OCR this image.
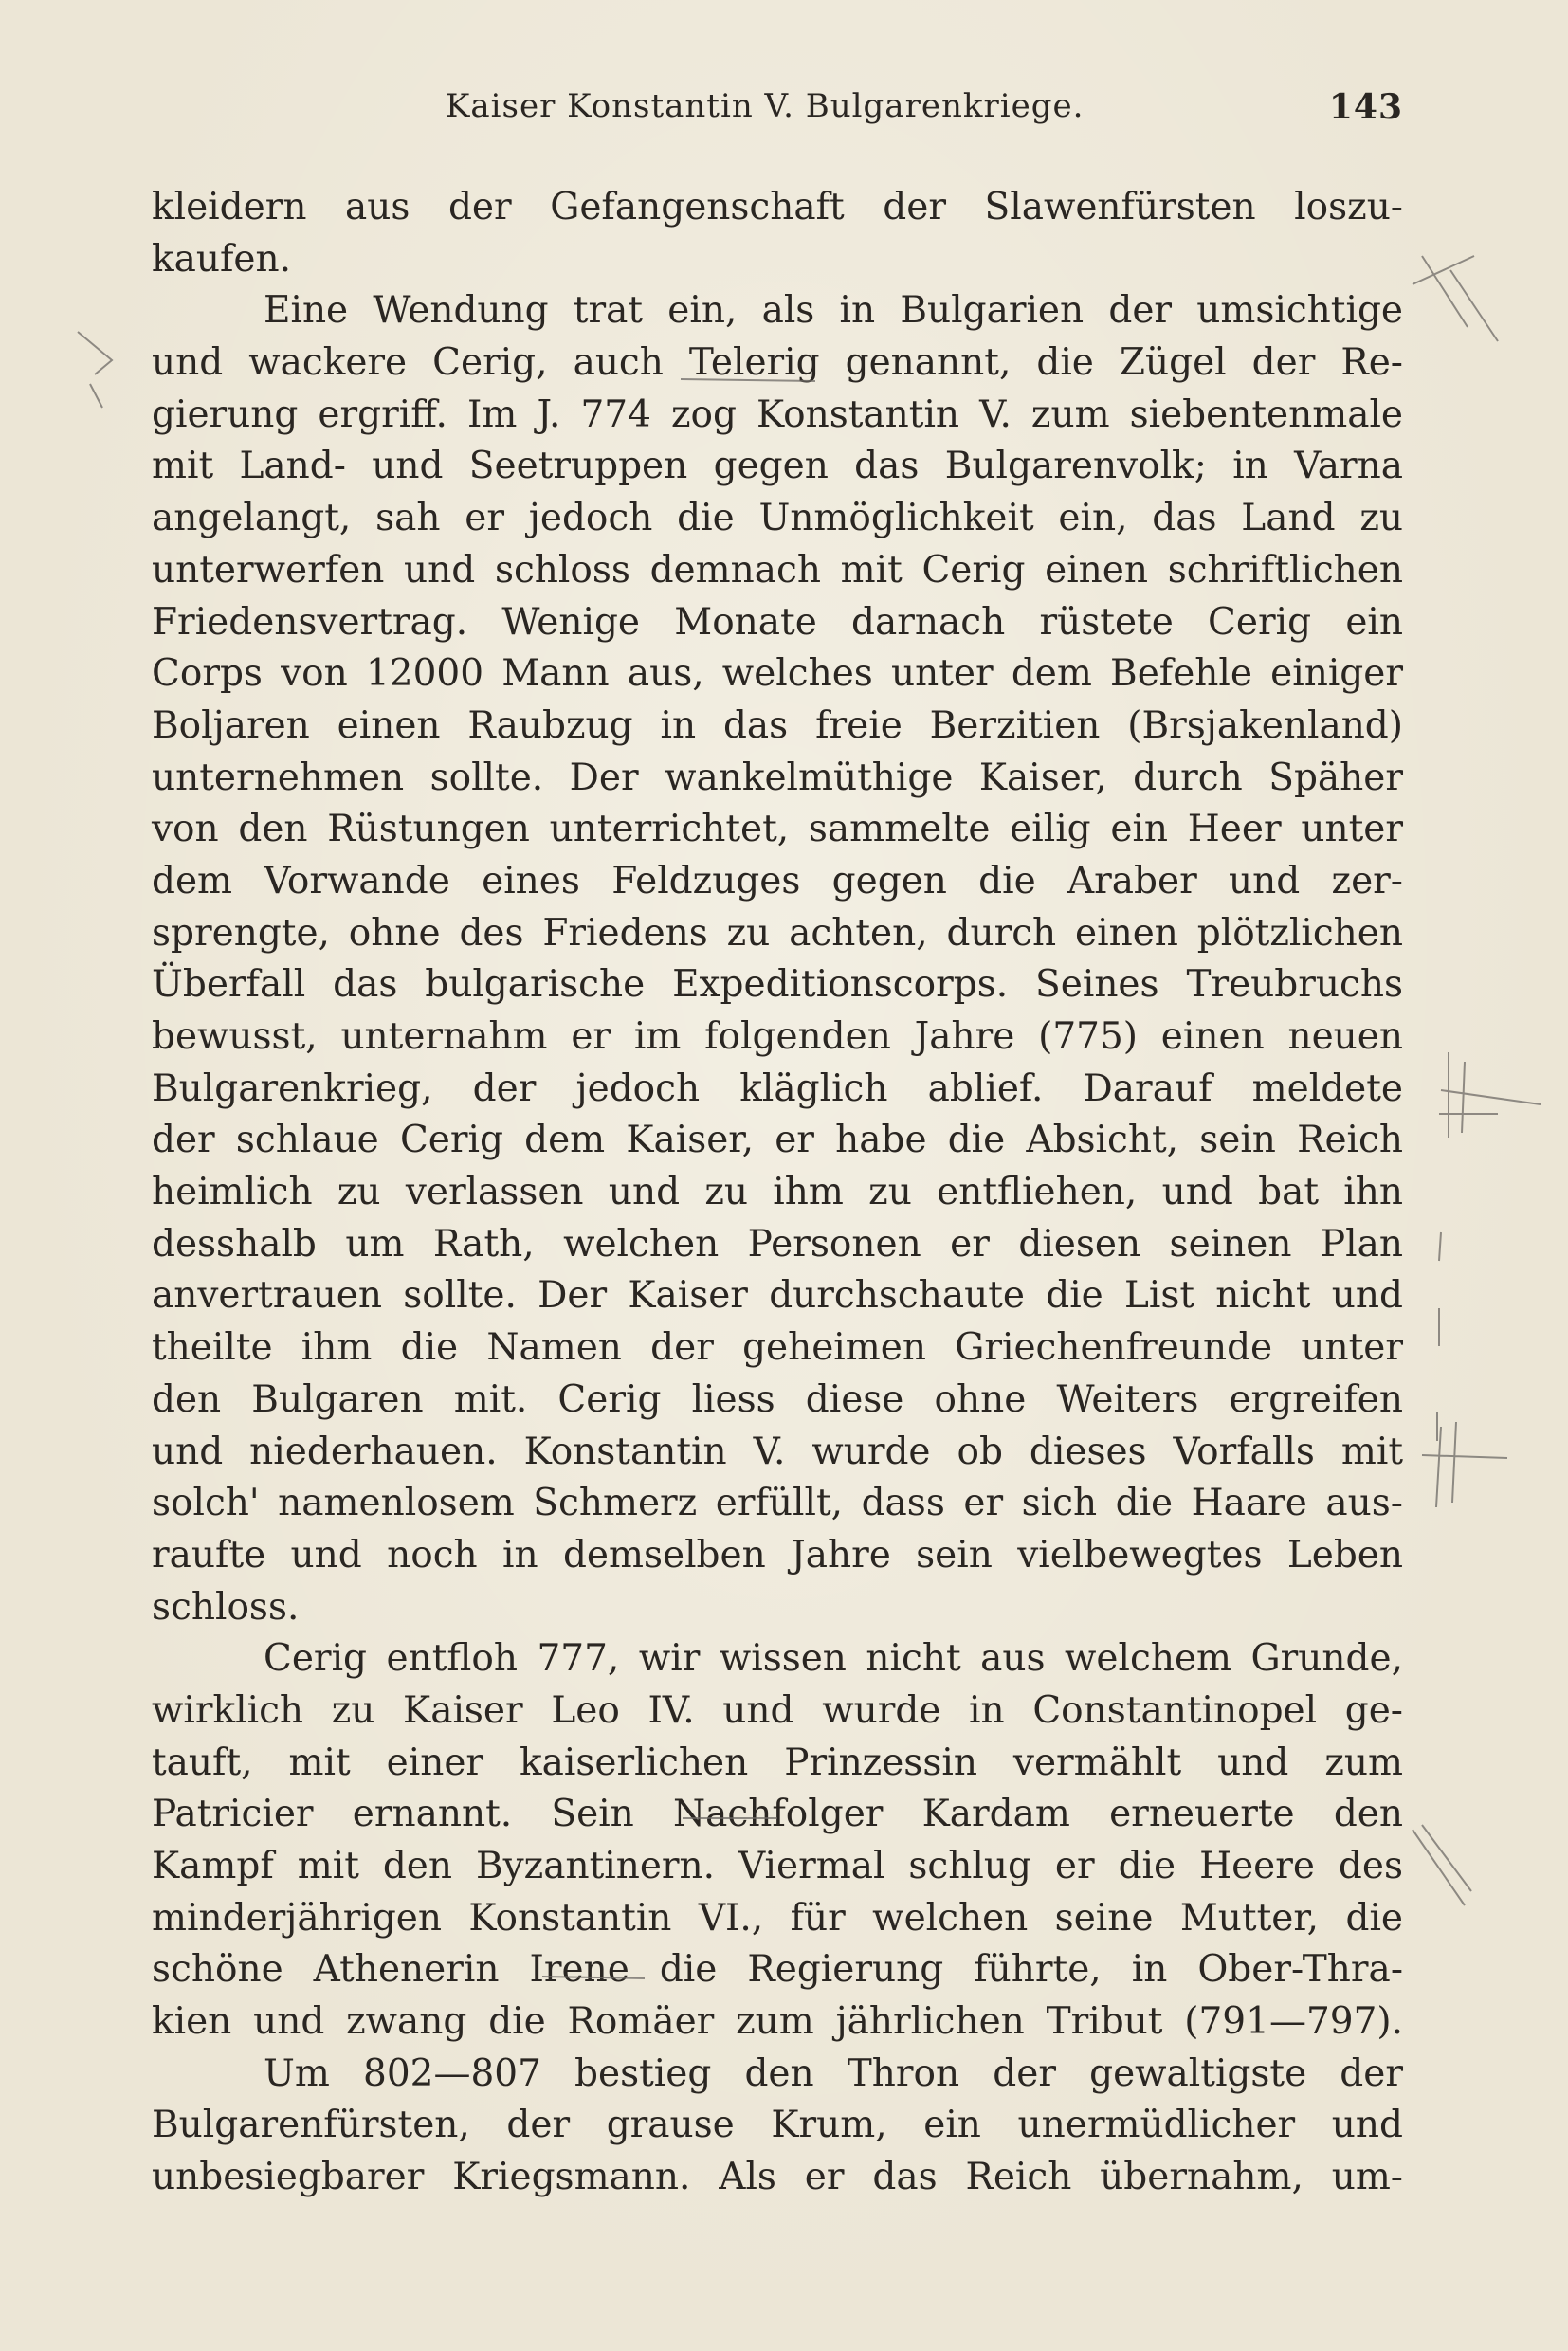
Kaiser Konstantin V. Bulgarenkriege.	143
kleidern aus der Gefangenschaft der Slawenfürsten loszu-
kaufen.
Eine Wendung trat ein, als in Bulgarien der umsichtige
und wackere Cerig, auch Telerig genannt, die Zügel der Re-
gierung ergriff. Im J. 774 zog Konstantin V. zum siebentenmale
mit Land- und Seetruppen gegen das Bulgarenvolk; in Varna
angelangt, sah er jedoch die Unmöglichkeit ein, das Land zu
unterwerfen und schloss demnach mit Cerig einen schriftlichen
Friedensvertrag. Wenige Monate darnach rüstete Cerig ein
Corps von 12000 Mann aus, welches unter dem Befehle einiger
Boljaren einen Raubzug in das freie Berzitien (Brsjakenland)
unternehmen sollte. Der wankelmüthige Kaiser, durch Späher
von den Rüstungen unterrichtet, sammelte eilig ein Heer unter
dem Vorwande eines Feldzuges gegen die Araber und zer-
sprengte, ohne des Friedens zu achten, durch einen plötzlichen
Überfall das bulgarische Expeditionscorps. Seines Treubruchs
bewusst, unternahm er im folgenden Jahre (775) einen neuen
Bulgarenkrieg, der jedoch kläglich ablief. Darauf meldete
der schlaue Cerig dem Kaiser, er habe die Absicht, sein Reich
heimlich zu verlassen und zu ihm zu entfliehen, und bat ihn
desshalb um Rath, welchen Personen er diesen seinen Plan
anvertrauen sollte. Der Kaiser durchschaute die List nicht und
theilte ihm die Namen der geheimen Griechenfreunde unter
den Bulgaren mit. Cerig liess diese ohne Weiters ergreifen
und niederhauen. Konstantin V. wurde ob dieses Vorfalls mit
solch' namenlosem Schmerz erfüllt, dass er sich die Haare aus-
raufte und noch in demselben Jahre sein vielbewegtes Leben
schloss.
Cerig entfloh 777, wir wissen nicht aus welchem Grunde,
wirklich zu Kaiser Leo IV. und wurde in Constantinopel ge-
tauft, mit einer kaiserlichen Prinzessin vermählt und zum
Patricier ernannt. Sein Nachfolger Kardam erneuerte den
Kampf mit den Byzantinern. Viermal schlug er die Heere des
minderjährigen Konstantin VI., für welchen seine Mutter, die
schöne Athenerin Irene die Regierung führte, in Ober-Thra-
kien und zwang die Romäer zum jährlichen Tribut (791—797).
Um 802—807 bestieg den Thron der gewaltigste der
Bulgarenfürsten, der grause Krum, ein unermüdlicher und
unbesiegbarer Kriegsmann. Als er das Reich übernahm, um-
